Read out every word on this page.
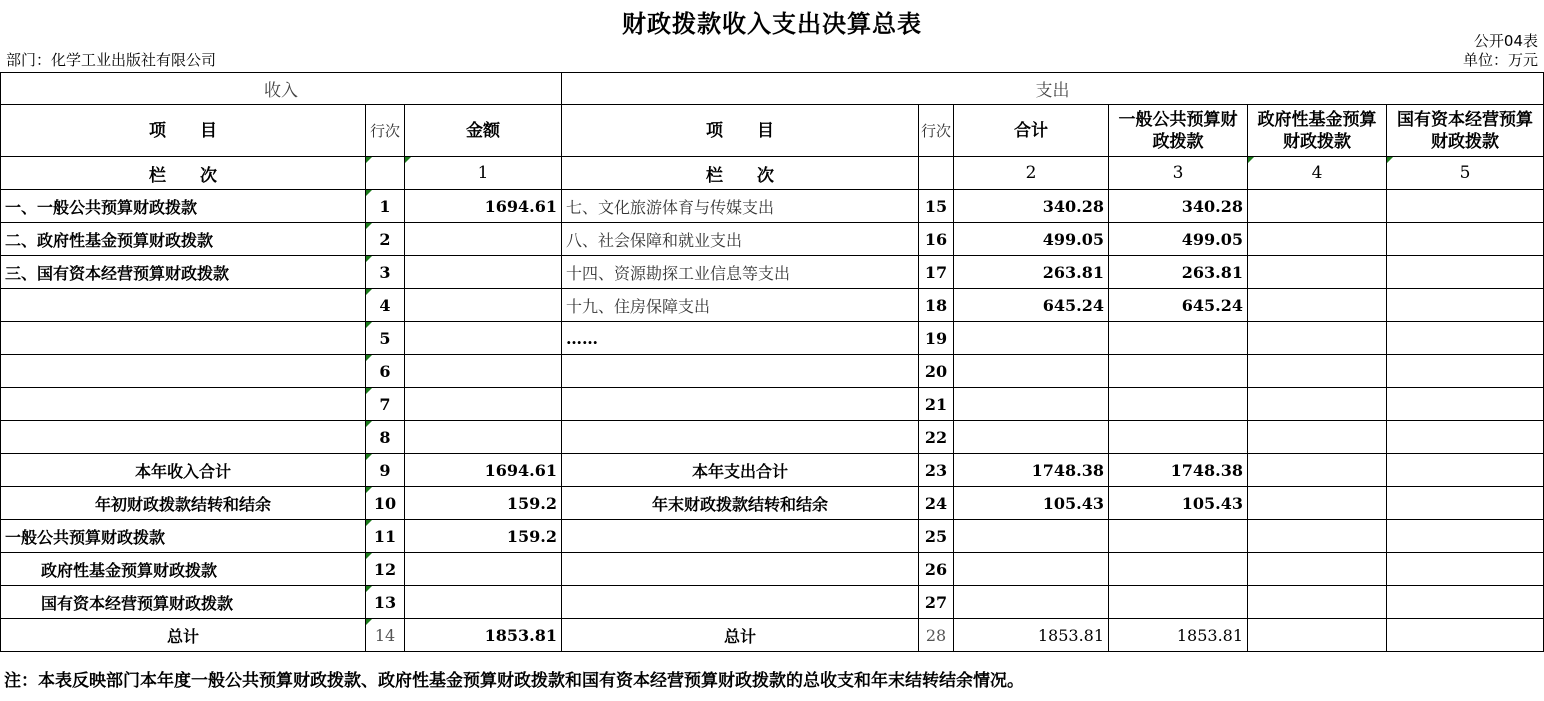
财政拨款收入支出决算总表
公开04表
部门：化学工业出版社有限公司	单位：万元
收入			支出					
项　　目	行次	金额	项　　目	行次	合计	一般公共预算财政拨款	政府性基金预算财政拨款	国有资本经营预算财政拨款
栏　　次		1	栏　　次		2	3	4	5
一、一般公共预算财政拨款	1	1694.61	七、文化旅游体育与传媒支出	15	340.28	340.28		
二、政府性基金预算财政拨款	2		八、社会保障和就业支出	16	499.05	499.05		
三、国有资本经营预算财政拨款	3		十四、资源勘探工业信息等支出	17	263.81	263.81		
	4		十九、住房保障支出	18	645.24	645.24		
	5		……	19				
	6			20				
	7			21				
	8			22				
本年收入合计	9	1694.61	本年支出合计	23	1748.38	1748.38		
年初财政拨款结转和结余	10	159.2	年末财政拨款结转和结余	24	105.43	105.43		
一般公共预算财政拨款	11	159.2		25				
政府性基金预算财政拨款	12			26				
国有资本经营预算财政拨款	13			27				
总计	14	1853.81	总计	28	1853.81	1853.81		
注：本表反映部门本年度一般公共预算财政拨款、政府性基金预算财政拨款和国有资本经营预算财政拨款的总收支和年末结转结余情况。
